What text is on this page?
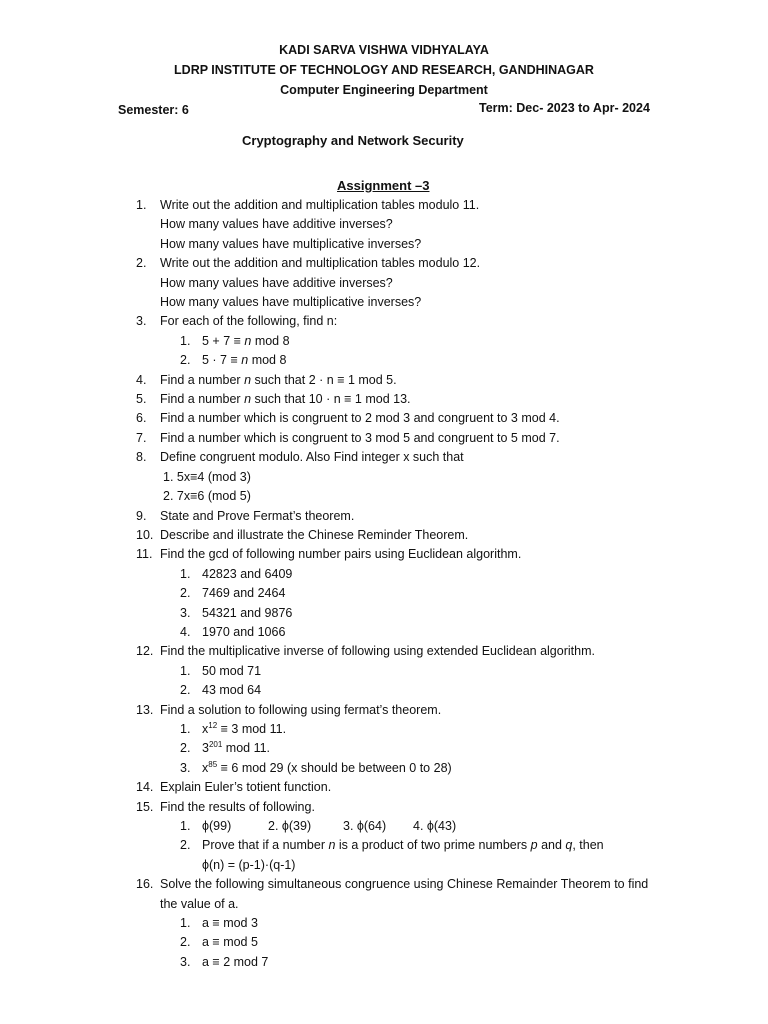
KADI SARVA VISHWA VIDHYALAYA
LDRP INSTITUTE OF TECHNOLOGY AND RESEARCH, GANDHINAGAR
Computer Engineering Department
Semester: 6	Term: Dec- 2023 to Apr- 2024
Cryptography and Network Security
Assignment –3
1.	Write out the addition and multiplication tables modulo 11.
How many values have additive inverses?
How many values have multiplicative inverses?
2.	Write out the addition and multiplication tables modulo 12.
How many values have additive inverses?
How many values have multiplicative inverses?
3.	For each of the following, find n:
1. 5 + 7 ≡ n mod 8
2. 5 · 7 ≡ n mod 8
4.	Find a number n such that 2 · n ≡ 1 mod 5.
5.	Find a number n such that 10 · n ≡ 1 mod 13.
6.	Find a number which is congruent to 2 mod 3 and congruent to 3 mod 4.
7.	Find a number which is congruent to 3 mod 5 and congruent to 5 mod 7.
8.	Define congruent modulo. Also Find integer x such that
1. 5x≡4 (mod 3)
2. 7x≡6 (mod 5)
9.	State and Prove Fermat’s theorem.
10. Describe and illustrate the Chinese Reminder Theorem.
11. Find the gcd of following number pairs using Euclidean algorithm.
1. 42823 and 6409
2. 7469 and 2464
3. 54321 and 9876
4. 1970 and 1066
12. Find the multiplicative inverse of following using extended Euclidean algorithm.
1. 50 mod 71
2. 43 mod 64
13. Find a solution to following using fermat’s theorem.
1. $x^{12} \equiv 3$ mod 11.
2. $3^{201}$ mod 11.
3. $x^{85} \equiv 6$ mod 29 (x should be between 0 to 28)
14. Explain Euler’s totient function.
15. Find the results of following.
1. ϕ(99)	2. ϕ(39)	3. ϕ(64) 4. ϕ(43)
2. Prove that if a number n is a product of two prime numbers p and q, then
ϕ(n) = (p-1)·(q-1)
16. Solve the following simultaneous congruence using Chinese Remainder Theorem to find
the value of a.
1. a ≡ mod 3
2. a ≡ mod 5
3. a ≡ 2 mod 7
